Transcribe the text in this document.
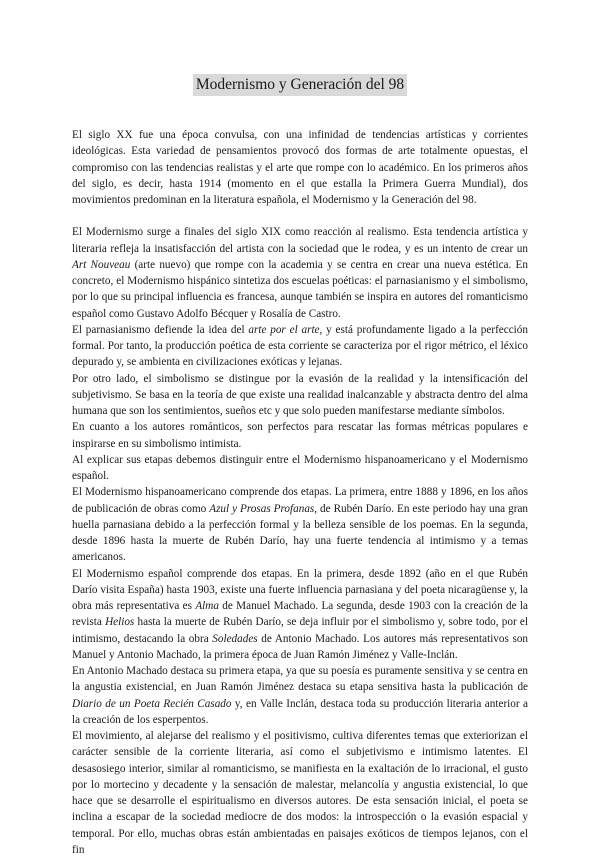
Modernismo y Generación del 98

El siglo XX fue una época convulsa, con una infinidad de tendencias artísticas y corrientes ideológicas. Esta variedad de pensamientos provocó dos formas de arte totalmente opuestas, el compromiso con las tendencias realistas y el arte que rompe con lo académico. En los primeros años del siglo, es decir, hasta 1914 (momento en el que estalla la Primera Guerra Mundial), dos movimientos predominan en la literatura española, el Modernismo y la Generación del 98.

El Modernismo surge a finales del siglo XIX como reacción al realismo. Esta tendencia artística y literaria refleja la insatisfacción del artista con la sociedad que le rodea, y es un intento de crear un Art Nouveau (arte nuevo) que rompe con la academia y se centra en crear una nueva estética. En concreto, el Modernismo hispánico sintetiza dos escuelas poéticas: el parnasianismo y el simbolismo, por lo que su principal influencia es francesa, aunque también se inspira en autores del romanticismo español como Gustavo Adolfo Bécquer y Rosalía de Castro.

El parnasianismo defiende la idea del arte por el arte, y está profundamente ligado a la perfección formal. Por tanto, la producción poética de esta corriente se caracteriza por el rigor métrico, el léxico depurado y, se ambienta en civilizaciones exóticas y lejanas.

Por otro lado, el simbolismo se distingue por la evasión de la realidad y la intensificación del subjetivismo. Se basa en la teoría de que existe una realidad inalcanzable y abstracta dentro del alma humana que son los sentimientos, sueños etc y que solo pueden manifestarse mediante símbolos.

En cuanto a los autores románticos, son perfectos para rescatar las formas métricas populares e inspirarse en su simbolismo intimista.

Al explicar sus etapas debemos distinguir entre el Modernismo hispanoamericano y el Modernismo español.

El Modernismo hispanoamericano comprende dos etapas. La primera, entre 1888 y 1896, en los años de publicación de obras como Azul y Prosas Profanas, de Rubén Darío. En este periodo hay una gran huella parnasiana debido a la perfección formal y la belleza sensible de los poemas. En la segunda, desde 1896 hasta la muerte de Rubén Darío, hay una fuerte tendencia al intimismo y a temas americanos.

El Modernismo español comprende dos etapas. En la primera, desde 1892 (año en el que Rubén Darío visita España) hasta 1903, existe una fuerte influencia parnasiana y del poeta nicaragüense y, la obra más representativa es Alma de Manuel Machado. La segunda, desde 1903 con la creación de la revista Helios hasta la muerte de Rubén Darío, se deja influir por el simbolismo y, sobre todo, por el intimismo, destacando la obra Soledades de Antonio Machado. Los autores más representativos son Manuel y Antonio Machado, la primera época de Juan Ramón Jiménez y Valle-Inclán.

En Antonio Machado destaca su primera etapa, ya que su poesía es puramente sensitiva y se centra en la angustia existencial, en Juan Ramón Jiménez destaca su etapa sensitiva hasta la publicación de Diario de un Poeta Recién Casado y, en Valle Inclán, destaca toda su producción literaria anterior a la creación de los esperpentos.

El movimiento, al alejarse del realismo y el positivismo, cultiva diferentes temas que exteriorizan el carácter sensible de la corriente literaria, así como el subjetivismo e intimismo latentes. El desasosiego interior, similar al romanticismo, se manifiesta en la exaltación de lo irracional, el gusto por lo mortecino y decadente y la sensación de malestar, melancolía y angustia existencial, lo que hace que se desarrolle el espiritualismo en diversos autores. De esta sensación inicial, el poeta se inclina a escapar de la sociedad mediocre de dos modos: la introspección o la evasión espacial y temporal. Por ello, muchas obras están ambientadas en paisajes exóticos de tiempos lejanos, con el fin
